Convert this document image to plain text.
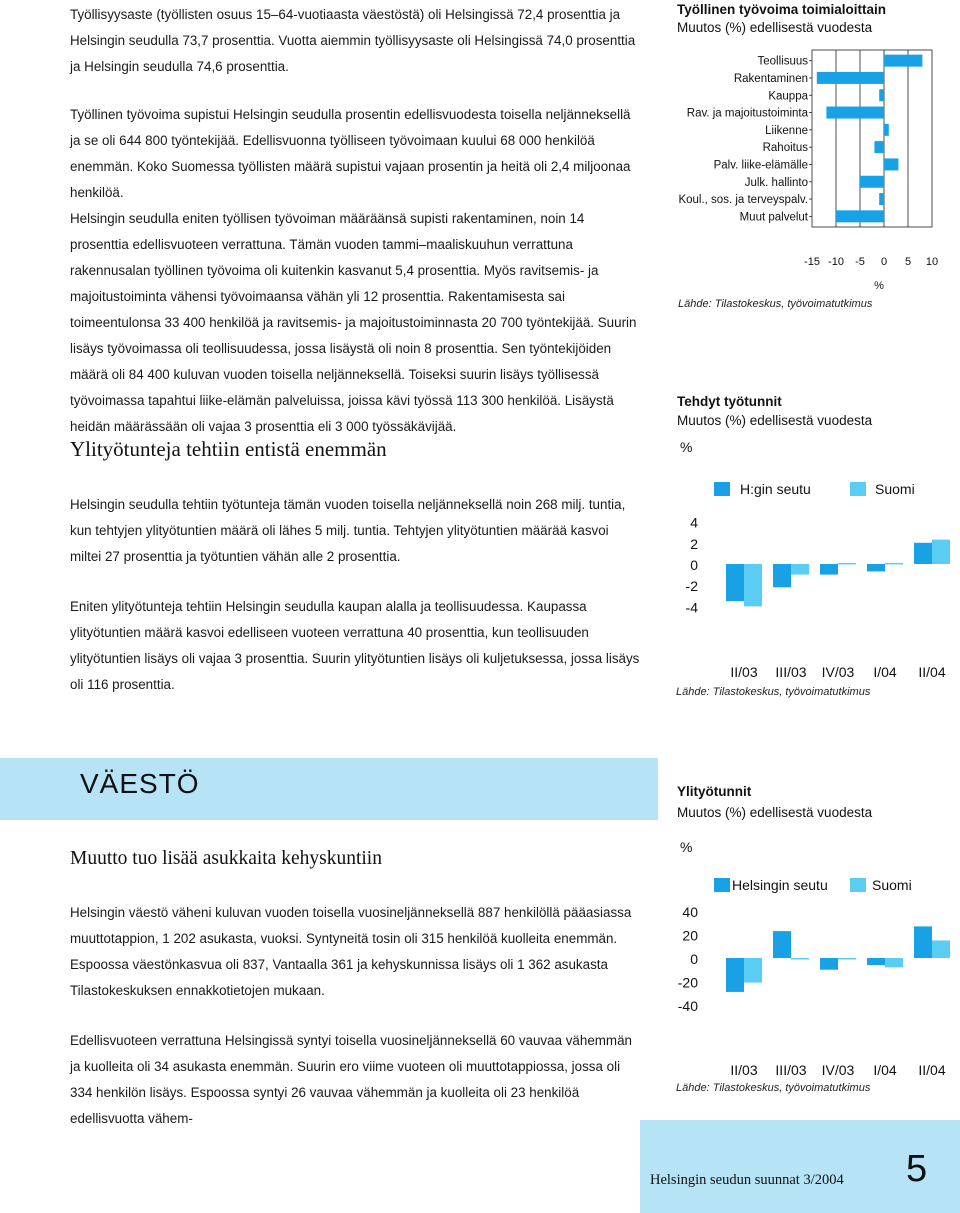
Työllisyysaste (työllisten osuus 15–64-vuotiaasta väestöstä) oli Helsingissä 72,4 prosenttia ja Helsingin seudulla 73,7 prosenttia. Vuotta aiemmin työllisyysaste oli Helsingissä 74,0 prosenttia ja Helsingin seudulla 74,6 prosenttia.

Työllinen työvoima supistui Helsingin seudulla prosentin edellisvuodesta toisella neljänneksellä ja se oli 644 800 työntekijää. Edellisvuonna työlliseen työvoimaan kuului 68 000 henkilöä enemmän. Koko Suomessa työllisten määrä supistui vajaan prosentin ja heitä oli 2,4 miljoonaa henkilöä.

Helsingin seudulla eniten työllisen työvoiman määräänsä supisti rakentaminen, noin 14 prosenttia edellisvuoteen verrattuna. Tämän vuoden tammi–maaliskuuhun verrattuna rakennusalan työllinen työvoima oli kuitenkin kasvanut 5,4 prosenttia. Myös ravitsemis- ja majoitustoiminta vähensi työvoimaansa vähän yli 12 prosenttia. Rakentamisesta sai toimeentulonsa 33 400 henkilöä ja ravitsemis- ja majoitustoiminnasta 20 700 työntekijää. Suurin lisäys työvoimassa oli teollisuudessa, jossa lisäystä oli noin 8 prosenttia. Sen työntekijöiden määrä oli 84 400 kuluvan vuoden toisella neljänneksellä. Toiseksi suurin lisäys työllisessä työvoimassa tapahtui liike-elämän palveluissa, joissa kävi työssä 113 300 henkilöä. Lisäystä heidän määrässään oli vajaa 3 prosenttia eli 3 000 työssäkävijää.

Ylityötunteja tehtiin entistä enemmän

Helsingin seudulla tehtiin työtunteja tämän vuoden toisella neljänneksellä noin 268 milj. tuntia, kun tehtyjen ylityötuntien määrä oli lähes 5 milj. tuntia. Tehtyjen ylityötuntien määrää kasvoi miltei 27 prosenttia ja työtuntien vähän alle 2 prosenttia.

Eniten ylityötunteja tehtiin Helsingin seudulla kaupan alalla ja teollisuudessa. Kaupassa ylityötuntien määrä kasvoi edelliseen vuoteen verrattuna 40 prosenttia, kun teollisuuden ylityötuntien lisäys oli vajaa 3 prosenttia. Suurin ylityötuntien lisäys oli kuljetuksessa, jossa lisäys oli 116 prosenttia.

VÄESTÖ
Muutto tuo lisää asukkaita kehyskuntiin

Helsingin väestö väheni kuluvan vuoden toisella vuosineljänneksellä 887 henkilöllä pääasiassa muuttotappion, 1 202 asukasta, vuoksi. Syntyneitä tosin oli 315 henkilöä kuolleita enemmän. Espoossa väestönkasvua oli 837, Vantaalla 361 ja kehyskunnissa lisäys oli 1 362 asukasta Tilastokeskuksen ennakkotietojen mukaan.

Edellisvuoteen verrattuna Helsingissä syntyi toisella vuosineljänneksellä 60 vauvaa vähemmän ja kuolleita oli 34 asukasta enemmän. Suurin ero viime vuoteen oli muuttotappiossa, jossa oli 334 henkilön lisäys. Espoossa syntyi 26 vauvaa vähemmän ja kuolleita oli 23 henkilöä edellisvuotta vähem-

Helsingin seudun suunnat 3/2004 5
Työllinen työvoima toimialoittain
Muutos (%) edellisestä vuodesta
Teollisuus
Rakentaminen
Kauppa
Rav. ja majoitustoiminta
Liikenne
Rahoitus
Palv. liike-elämälle
Julk. hallinto
Koul., sos. ja terveyspalv.
Muut palvelut
-15 -10 -5 0 5 10
%
Lähde: Tilastokeskus, työvoimatutkimus
Tehdyt työtunnit
Muutos (%) edellisestä vuodesta
%
4
2
0
-2
-4
II/03 III/03 IV/03 I/04 II/04
H:gin seutu	Suomi
Lähde: Tilastokeskus, työvoimatutkimus
Ylityötunnit
Muutos (%) edellisestä vuodesta
%
40
20
0
-20
-40
II/03 III/03 IV/03 I/04 II/04
Helsingin seutu	Suomi
Lähde: Tilastokeskus, työvoimatutkimus
